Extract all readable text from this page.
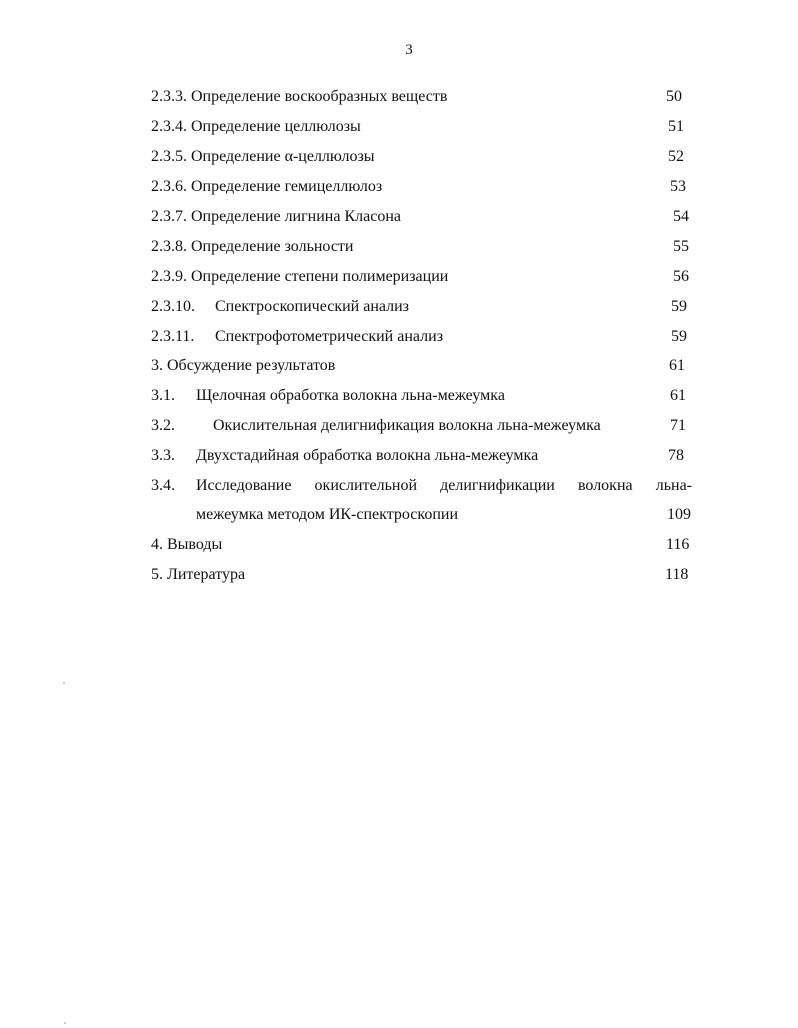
3
2.3.3. Определение воскообразных веществ	50
2.3.4. Определение целлюлозы	51
2.3.5. Определение α-целлюлозы	52
2.3.6. Определение гемицеллюлоз	53
2.3.7. Определение лигнина Класона	54
2.3.8. Определение зольности	55
2.3.9. Определение степени полимеризации	56
2.3.10. Спектроскопический анализ	59
2.3.11. Спектрофотометрический анализ	59
3. Обсуждение результатов	61
3.1. Щелочная обработка волокна льна-межеумка	61
3.2. Окислительная делигнификация волокна льна-межеумка	71
3.3. Двухстадийная обработка волокна льна-межеумка	78
3.4. Исследование окислительной делигнификации волокна льна-
межеумка методом ИК-спектроскопии	109
4. Выводы	116
5. Литература	118
